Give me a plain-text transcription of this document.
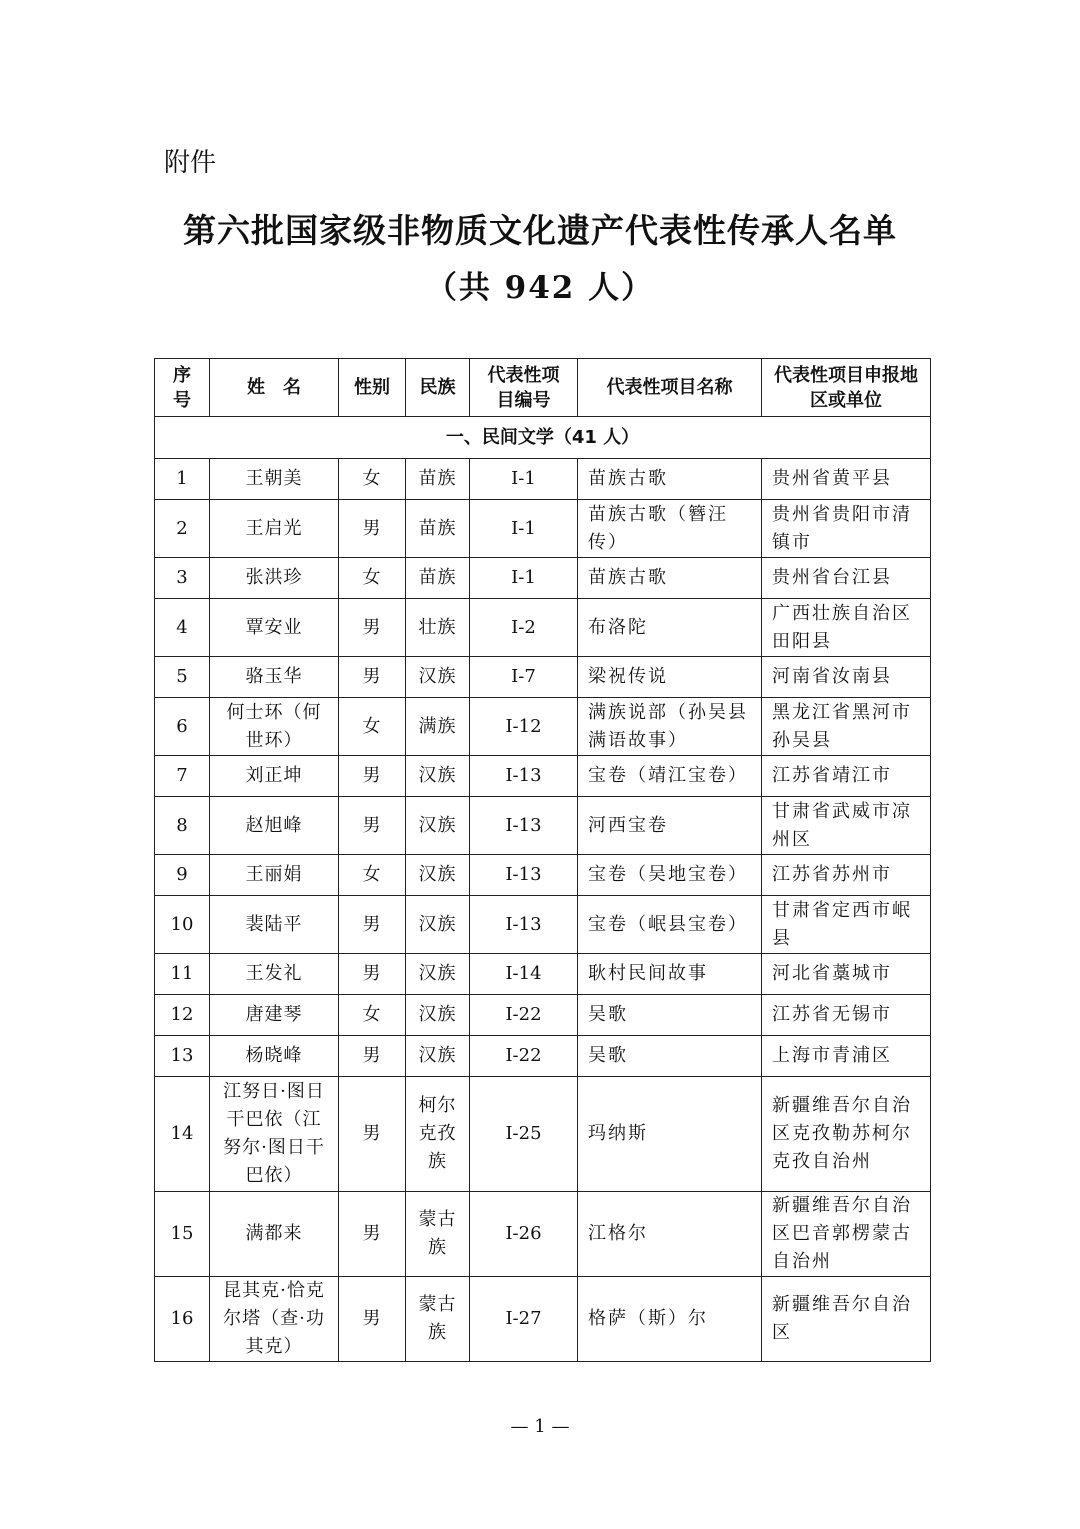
附件
第六批国家级非物质文化遗产代表性传承人名单
（共 942 人）
序号	姓　名	性别	民族	代表性项目编号	代表性项目名称	代表性项目申报地区或单位
一、民间文学（41 人）						
1	王朝美	女	苗族	Ⅰ-1	苗族古歌	贵州省黄平县
2	王启光	男	苗族	Ⅰ-1	苗族古歌（簪汪传）	贵州省贵阳市清镇市
3	张洪珍	女	苗族	Ⅰ-1	苗族古歌	贵州省台江县
4	覃安业	男	壮族	Ⅰ-2	布洛陀	广西壮族自治区田阳县
5	骆玉华	男	汉族	Ⅰ-7	梁祝传说	河南省汝南县
6	何士环（何世环）	女	满族	Ⅰ-12	满族说部（孙吴县满语故事）	黑龙江省黑河市孙吴县
7	刘正坤	男	汉族	Ⅰ-13	宝卷（靖江宝卷）	江苏省靖江市
8	赵旭峰	男	汉族	Ⅰ-13	河西宝卷	甘肃省武威市凉州区
9	王丽娟	女	汉族	Ⅰ-13	宝卷（吴地宝卷）	江苏省苏州市
10	裴陆平	男	汉族	Ⅰ-13	宝卷（岷县宝卷）	甘肃省定西市岷县
11	王发礼	男	汉族	Ⅰ-14	耿村民间故事	河北省藁城市
12	唐建琴	女	汉族	Ⅰ-22	吴歌	江苏省无锡市
13	杨晓峰	男	汉族	Ⅰ-22	吴歌	上海市青浦区
14	江努日·图日干巴依（江努尔·图日干巴依）	男	柯尔克孜族	Ⅰ-25	玛纳斯	新疆维吾尔自治区克孜勒苏柯尔克孜自治州
15	满都来	男	蒙古族	Ⅰ-26	江格尔	新疆维吾尔自治区巴音郭楞蒙古自治州
16	昆其克·恰克尔塔（查·功其克）	男	蒙古族	Ⅰ-27	格萨（斯）尔	新疆维吾尔自治区
— 1 —
